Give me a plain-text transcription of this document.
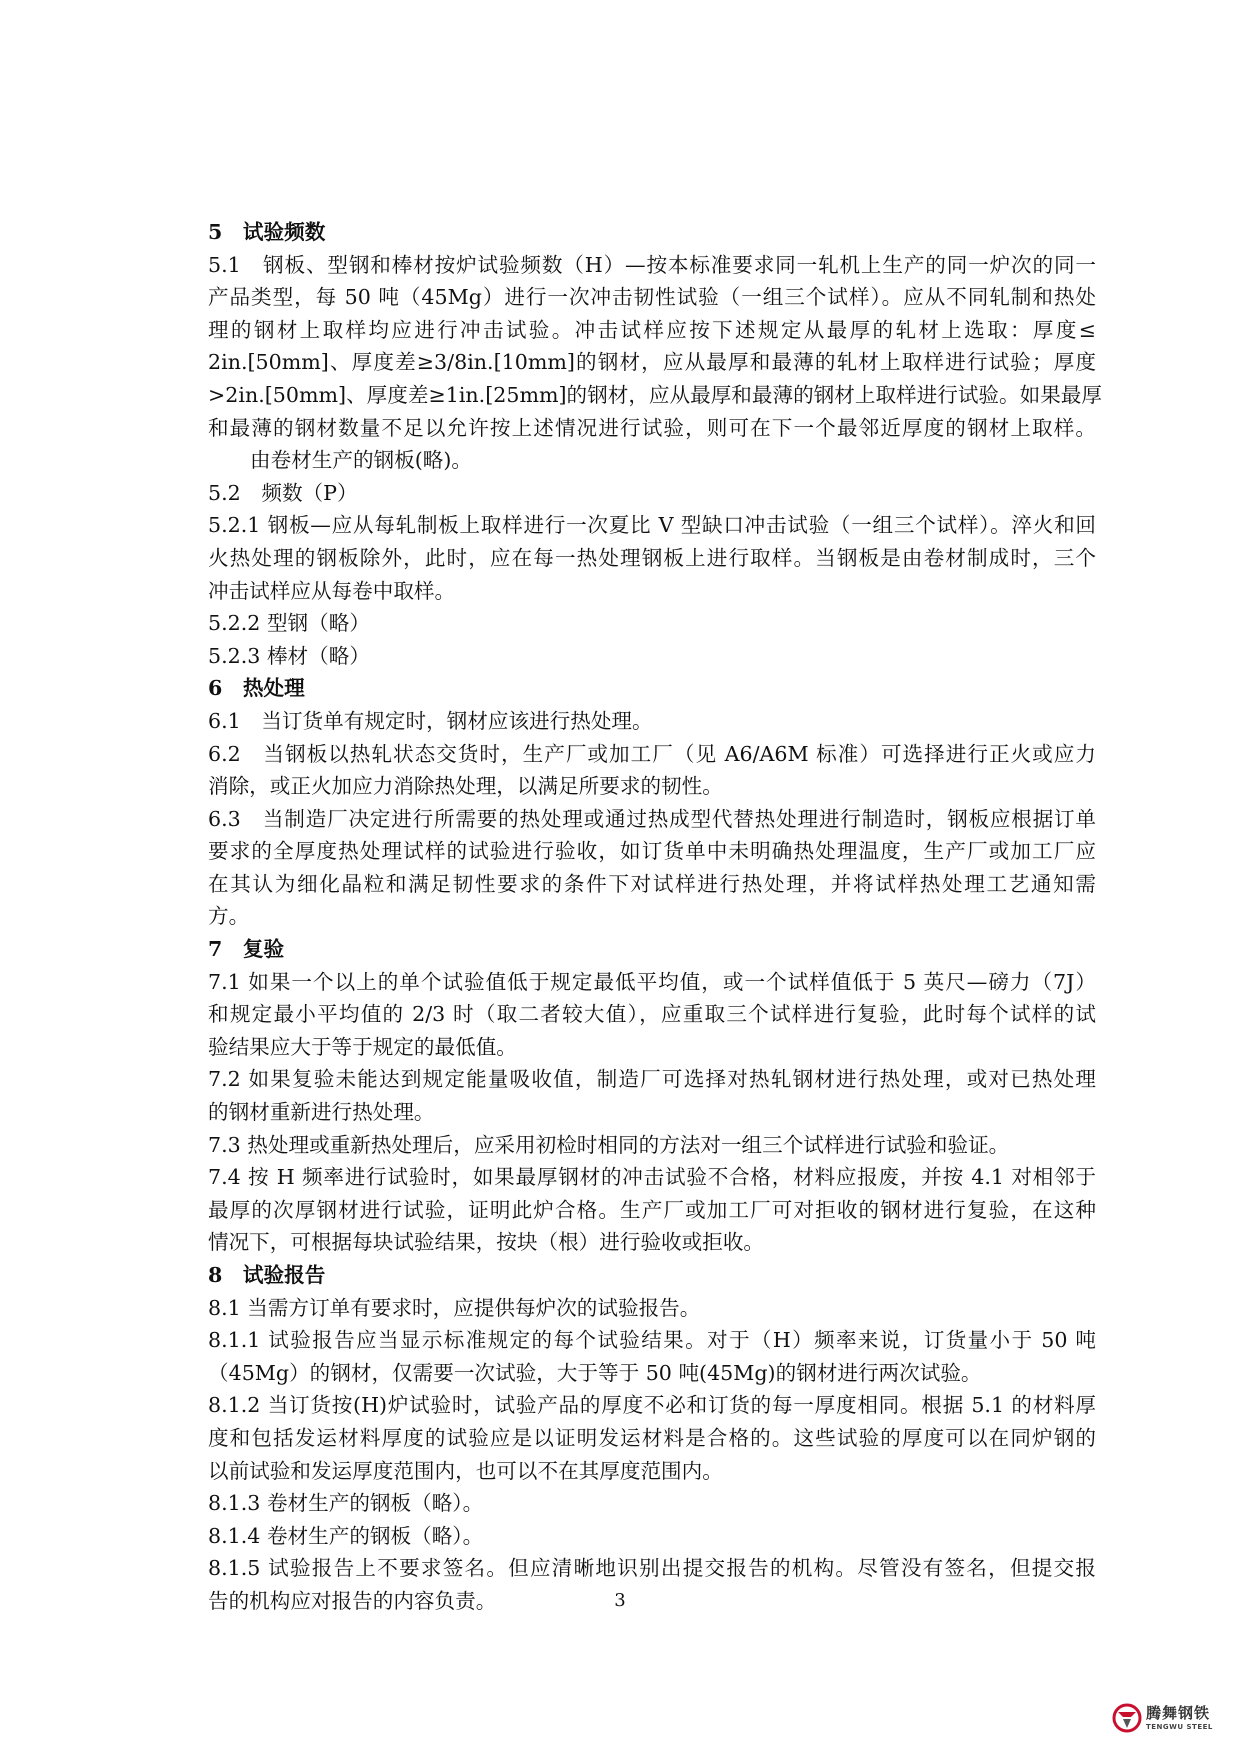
5　试验频数
5.1　钢板、型钢和棒材按炉试验频数（H）—按本标准要求同一轧机上生产的同一炉次的同一
产品类型，每 50 吨（45Mg）进行一次冲击韧性试验（一组三个试样）。应从不同轧制和热处
理的钢材上取样均应进行冲击试验。冲击试样应按下述规定从最厚的轧材上选取：厚度≤
2in.[50mm]、厚度差≥3/8in.[10mm]的钢材，应从最厚和最薄的轧材上取样进行试验；厚度
>2in.[50mm]、厚度差≥1in.[25mm]的钢材，应从最厚和最薄的钢材上取样进行试验。如果最厚
和最薄的钢材数量不足以允许按上述情况进行试验，则可在下一个最邻近厚度的钢材上取样。
由卷材生产的钢板(略)。
5.2　频数（P）
5.2.1 钢板—应从每轧制板上取样进行一次夏比 V 型缺口冲击试验（一组三个试样）。淬火和回
火热处理的钢板除外，此时，应在每一热处理钢板上进行取样。当钢板是由卷材制成时，三个
冲击试样应从每卷中取样。
5.2.2 型钢（略）
5.2.3 棒材（略）
6　热处理
6.1　当订货单有规定时，钢材应该进行热处理。
6.2　当钢板以热轧状态交货时，生产厂或加工厂（见 A6/A6M 标准）可选择进行正火或应力
消除，或正火加应力消除热处理，以满足所要求的韧性。
6.3　当制造厂决定进行所需要的热处理或通过热成型代替热处理进行制造时，钢板应根据订单
要求的全厚度热处理试样的试验进行验收，如订货单中未明确热处理温度，生产厂或加工厂应
在其认为细化晶粒和满足韧性要求的条件下对试样进行热处理，并将试样热处理工艺通知需
方。
7　复验
7.1 如果一个以上的单个试验值低于规定最低平均值，或一个试样值低于 5 英尺—磅力（7J）
和规定最小平均值的 2/3 时（取二者较大值），应重取三个试样进行复验，此时每个试样的试
验结果应大于等于规定的最低值。
7.2 如果复验未能达到规定能量吸收值，制造厂可选择对热轧钢材进行热处理，或对已热处理
的钢材重新进行热处理。
7.3 热处理或重新热处理后，应采用初检时相同的方法对一组三个试样进行试验和验证。
7.4 按 H 频率进行试验时，如果最厚钢材的冲击试验不合格，材料应报废，并按 4.1 对相邻于
最厚的次厚钢材进行试验，证明此炉合格。生产厂或加工厂可对拒收的钢材进行复验，在这种
情况下，可根据每块试验结果，按块（根）进行验收或拒收。
8　试验报告
8.1 当需方订单有要求时，应提供每炉次的试验报告。
8.1.1 试验报告应当显示标准规定的每个试验结果。对于（H）频率来说，订货量小于 50 吨
（45Mg）的钢材，仅需要一次试验，大于等于 50 吨(45Mg)的钢材进行两次试验。
8.1.2 当订货按(H)炉试验时，试验产品的厚度不必和订货的每一厚度相同。根据 5.1 的材料厚
度和包括发运材料厚度的试验应是以证明发运材料是合格的。这些试验的厚度可以在同炉钢的
以前试验和发运厚度范围内，也可以不在其厚度范围内。
8.1.3 卷材生产的钢板（略）。
8.1.4 卷材生产的钢板（略）。
8.1.5 试验报告上不要求签名。但应清晰地识别出提交报告的机构。尽管没有签名，但提交报
告的机构应对报告的内容负责。	3
腾舞钢铁
TENGWU STEEL
